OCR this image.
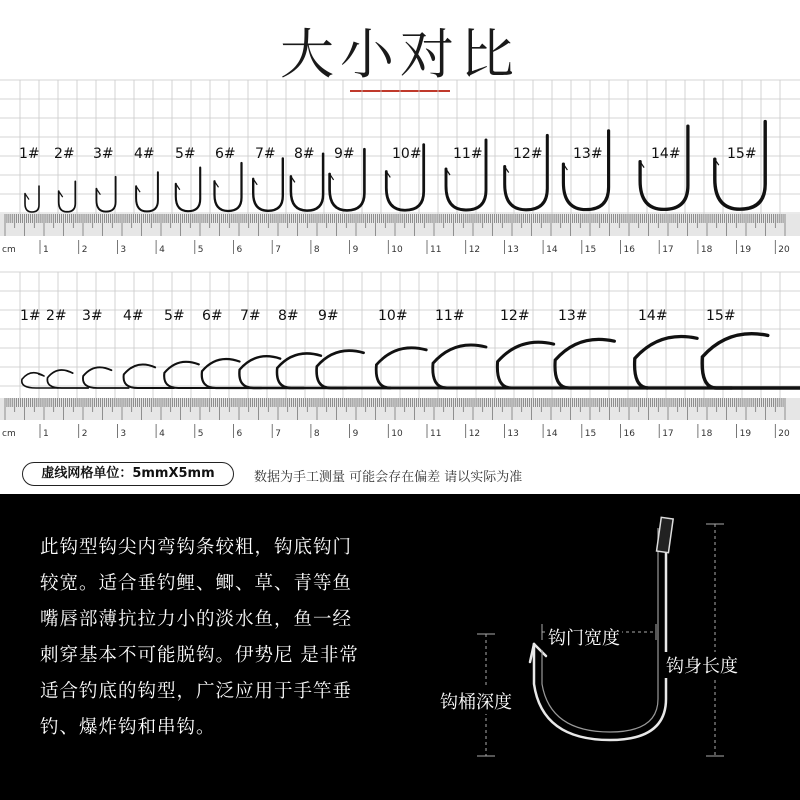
大小对比
1# 2# 3# 4# 5# 6# 7# 8# 9#	10# 11# 12# 13#	14#	15#
cm	1	2	3	4	5	6	7	8	9	10	11	12	13	14	15	16	17	18	19	20
1# 2# 3# 4# 5# 6# 7# 8# 9#	10# 11#	12# 13#	14#	15#
cm	1	2	3	4	5	6	7	8	9	10	11	12	13	14	15	16	17	18	19	20
虚线网格单位：5mmX5mm	数据为手工测量 可能会存在偏差 请以实际为准

此钩型钩尖内弯钩条较粗，钩底钩门

较宽。适合垂钓鲤、鲫、草、青等鱼

嘴唇部薄抗拉力小的淡水鱼，鱼一经

刺穿基本不可能脱钩。伊势尼 是非常

适合钓底的钩型，广泛应用于手竿垂

钓、爆炸钩和串钩。

钩门宽度
钩身长度
钩桶深度
